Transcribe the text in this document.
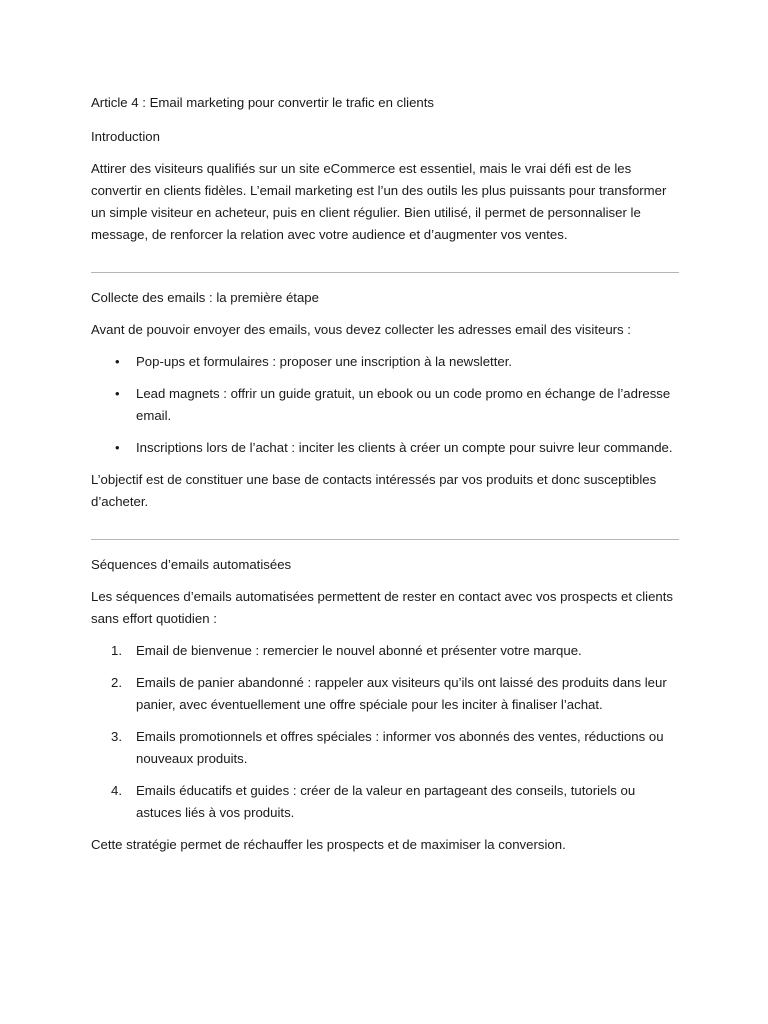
Article 4 : Email marketing pour convertir le trafic en clients

Introduction

Attirer des visiteurs qualifiés sur un site eCommerce est essentiel, mais le vrai défi est de les convertir en clients fidèles. L’email marketing est l’un des outils les plus puissants pour transformer un simple visiteur en acheteur, puis en client régulier. Bien utilisé, il permet de personnaliser le message, de renforcer la relation avec votre audience et d’augmenter vos ventes.

Collecte des emails : la première étape

Avant de pouvoir envoyer des emails, vous devez collecter les adresses email des visiteurs :

• Pop-ups et formulaires : proposer une inscription à la newsletter.
• Lead magnets : offrir un guide gratuit, un ebook ou un code promo en échange de l’adresse email.
• Inscriptions lors de l’achat : inciter les clients à créer un compte pour suivre leur commande.

L’objectif est de constituer une base de contacts intéressés par vos produits et donc susceptibles d’acheter.

Séquences d’emails automatisées

Les séquences d’emails automatisées permettent de rester en contact avec vos prospects et clients sans effort quotidien :

1. Email de bienvenue : remercier le nouvel abonné et présenter votre marque.
2. Emails de panier abandonné : rappeler aux visiteurs qu’ils ont laissé des produits dans leur panier, avec éventuellement une offre spéciale pour les inciter à finaliser l’achat.
3. Emails promotionnels et offres spéciales : informer vos abonnés des ventes, réductions ou nouveaux produits.
4. Emails éducatifs et guides : créer de la valeur en partageant des conseils, tutoriels ou astuces liés à vos produits.

Cette stratégie permet de réchauffer les prospects et de maximiser la conversion.
